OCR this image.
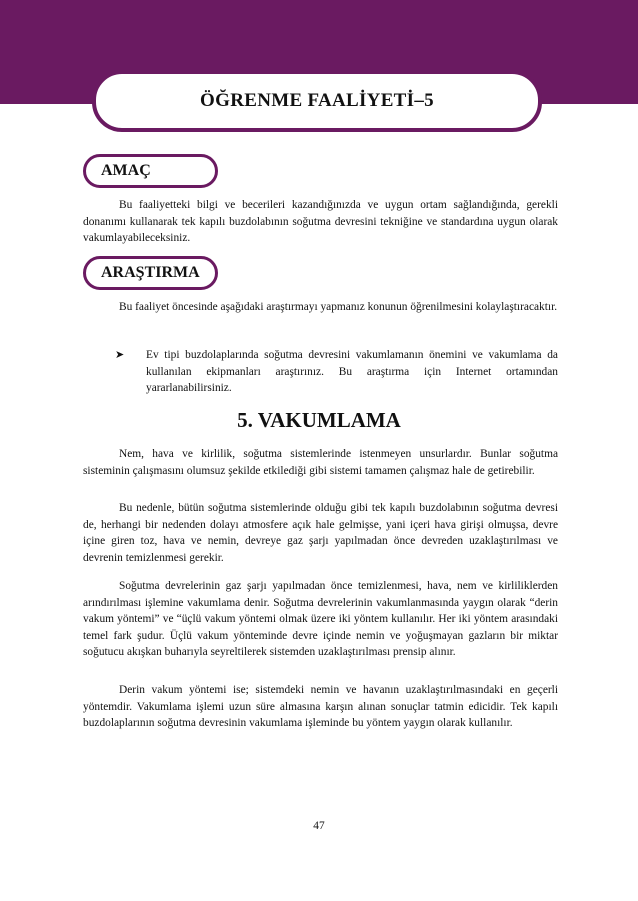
ÖĞRENME FAALİYETİ–5
AMAÇ

Bu faaliyetteki bilgi ve becerileri kazandığınızda ve uygun ortam sağlandığında, gerekli donanımı kullanarak tek kapılı buzdolabının soğutma devresini tekniğine ve standardına uygun olarak vakumlayabileceksiniz.

ARAŞTIRMA

Bu faaliyet öncesinde aşağıdaki araştırmayı yapmanız konunun öğrenilmesini kolaylaştıracaktır.

➤ Ev tipi buzdolaplarında soğutma devresini vakumlamanın önemini ve vakumlama da kullanılan ekipmanları araştırınız. Bu araştırma için Internet ortamından yararlanabilirsiniz.
5. VAKUMLAMA

Nem, hava ve kirlilik, soğutma sistemlerinde istenmeyen unsurlardır. Bunlar soğutma sisteminin çalışmasını olumsuz şekilde etkilediği gibi sistemi tamamen çalışmaz hale de getirebilir.

Bu nedenle, bütün soğutma sistemlerinde olduğu gibi tek kapılı buzdolabının soğutma devresi de, herhangi bir nedenden dolayı atmosfere açık hale gelmişse, yani içeri hava girişi olmuşsa, devre içine giren toz, hava ve nemin, devreye gaz şarjı yapılmadan önce devreden uzaklaştırılması ve devrenin temizlenmesi gerekir.

Soğutma devrelerinin gaz şarjı yapılmadan önce temizlenmesi, hava, nem ve kirliliklerden arındırılması işlemine vakumlama denir. Soğutma devrelerinin vakumlanmasında yaygın olarak “derin vakum yöntemi” ve “üçlü vakum yöntemi olmak üzere iki yöntem kullanılır. Her iki yöntem arasındaki temel fark şudur. Üçlü vakum yönteminde devre içinde nemin ve yoğuşmayan gazların bir miktar soğutucu akışkan buharıyla seyreltilerek sistemden uzaklaştırılması prensip alınır.

Derin vakum yöntemi ise; sistemdeki nemin ve havanın uzaklaştırılmasındaki en geçerli yöntemdir. Vakumlama işlemi uzun süre almasına karşın alınan sonuçlar tatmin edicidir. Tek kapılı buzdolaplarının soğutma devresinin vakumlama işleminde bu yöntem yaygın olarak kullanılır.

47
